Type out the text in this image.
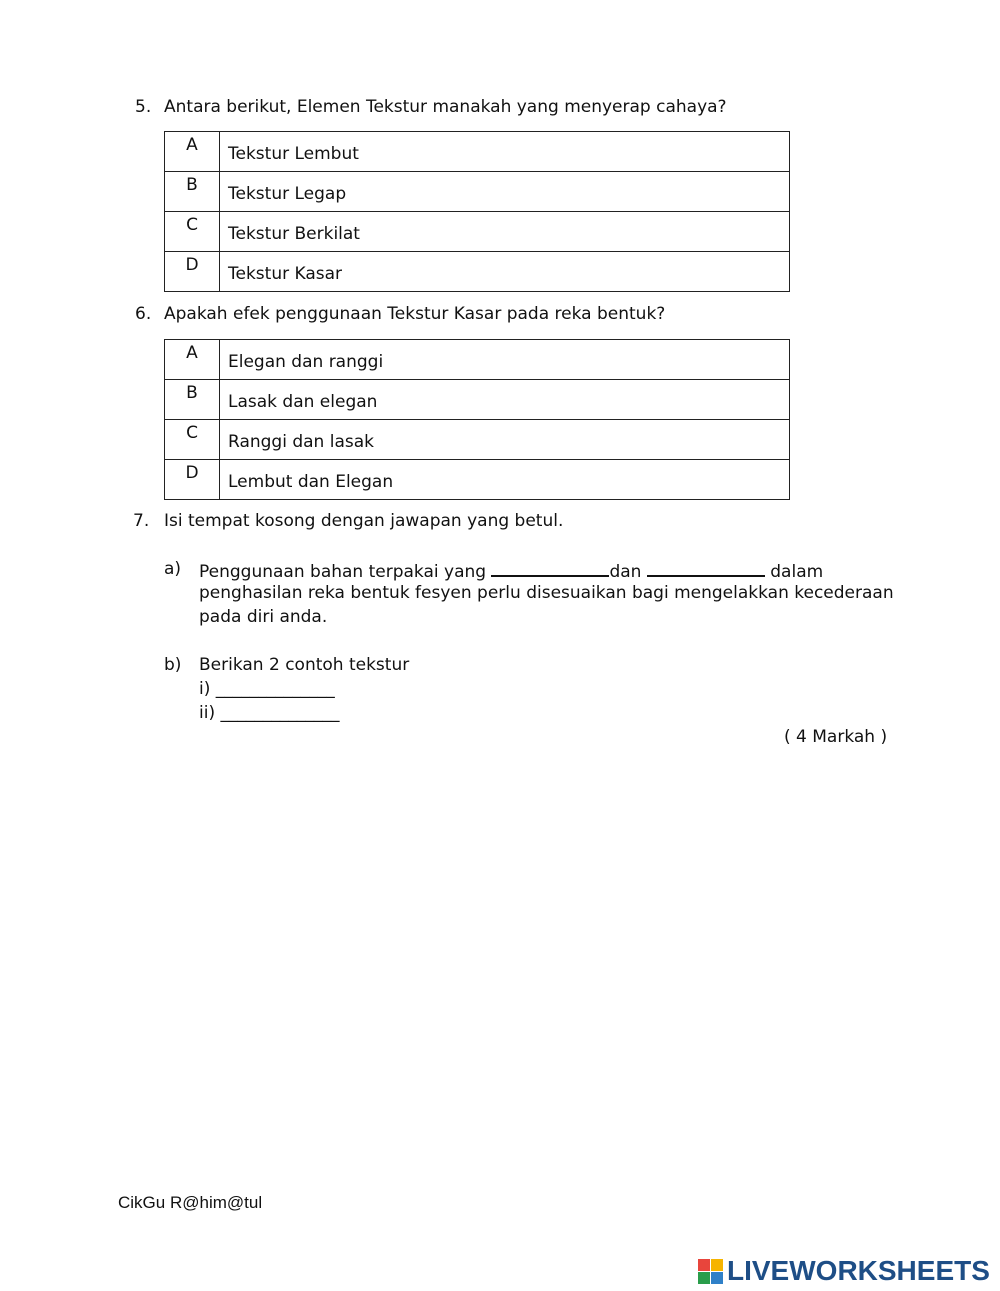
5. Antara berikut, Elemen Tekstur manakah yang menyerap cahaya?
A	Tekstur Lembut
B	Tekstur Legap
C	Tekstur Berkilat
D	Tekstur Kasar
6. Apakah efek penggunaan Tekstur Kasar pada reka bentuk?
A	Elegan dan ranggi
B	Lasak dan elegan
C	Ranggi dan lasak
D	Lembut dan Elegan
7. Isi tempat kosong dengan jawapan yang betul.
a) Penggunaan bahan terpakai yang	dan	dalam
penghasilan reka bentuk fesyen perlu disesuaikan bagi mengelakkan kecederaan
pada diri anda.
b) Berikan 2 contoh tekstur
i) ______________
ii) ______________
( 4 Markah )
CikGu R@him@tul
LIVEWORKSHEETS
